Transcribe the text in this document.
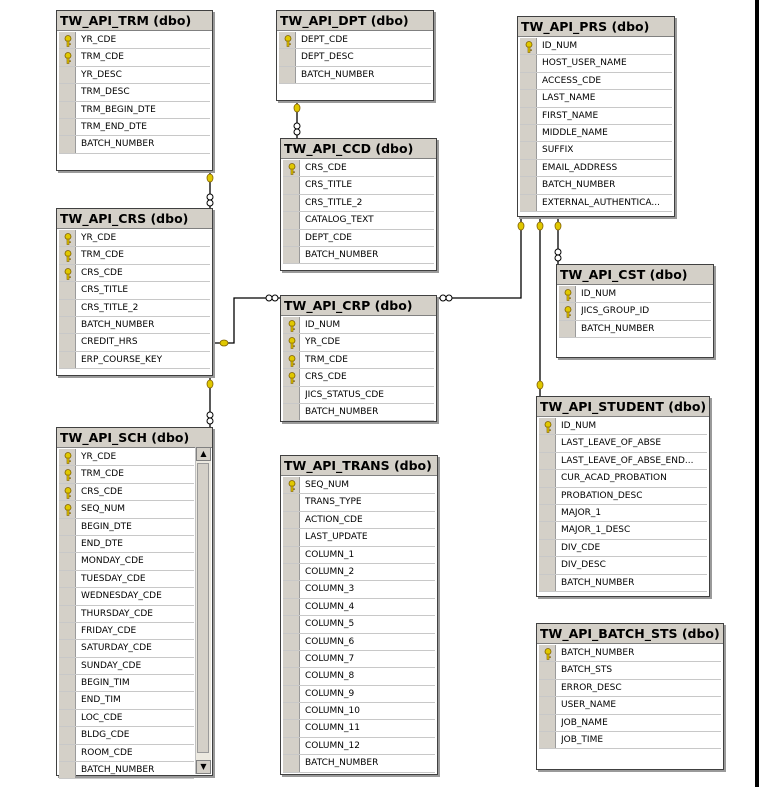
TW_API_TRM (dbo)
YR_CDE
TRM_CDE
YR_DESC
TRM_DESC
TRM_BEGIN_DTE
TRM_END_DTE
BATCH_NUMBER
TW_API_DPT (dbo)
DEPT_CDE
DEPT_DESC
BATCH_NUMBER
TW_API_PRS (dbo)
ID_NUM
HOST_USER_NAME
ACCESS_CDE
LAST_NAME
FIRST_NAME
MIDDLE_NAME
SUFFIX
EMAIL_ADDRESS
BATCH_NUMBER
EXTERNAL_AUTHENTICA...
TW_API_CCD (dbo)
CRS_CDE
CRS_TITLE
CRS_TITLE_2
CATALOG_TEXT
DEPT_CDE
BATCH_NUMBER
TW_API_CRS (dbo)
YR_CDE
TRM_CDE
CRS_CDE
CRS_TITLE
CRS_TITLE_2
BATCH_NUMBER
CREDIT_HRS
ERP_COURSE_KEY
TW_API_CST (dbo)
ID_NUM
JICS_GROUP_ID
BATCH_NUMBER
TW_API_CRP (dbo)
ID_NUM
YR_CDE
TRM_CDE
CRS_CDE
JICS_STATUS_CDE
BATCH_NUMBER	TW_API_STUDENT (dbo)
ID_NUM
LAST_LEAVE_OF_ABSE
LAST_LEAVE_OF_ABSE_END...
CUR_ACAD_PROBATION
PROBATION_DESC
MAJOR_1
MAJOR_1_DESC
DIV_CDE
DIV_DESC
BATCH_NUMBER
TW_API_SCH (dbo)
YR_CDE
TRM_CDE
CRS_CDE
SEQ_NUM
BEGIN_DTE
END_DTE
MONDAY_CDE
TUESDAY_CDE
WEDNESDAY_CDE
THURSDAY_CDE
FRIDAY_CDE
SATURDAY_CDE
SUNDAY_CDE
BEGIN_TIM
END_TIM
LOC_CDE
BLDG_CDE
ROOM_CDE
BATCH_NUMBER
▲
▼
TW_API_TRANS (dbo)
SEQ_NUM
TRANS_TYPE
ACTION_CDE
LAST_UPDATE
COLUMN_1
COLUMN_2
COLUMN_3
COLUMN_4
COLUMN_5
COLUMN_6
COLUMN_7
COLUMN_8
COLUMN_9
COLUMN_10
COLUMN_11
COLUMN_12
BATCH_NUMBER
TW_API_BATCH_STS (dbo)
BATCH_NUMBER
BATCH_STS
ERROR_DESC
USER_NAME
JOB_NAME
JOB_TIME
